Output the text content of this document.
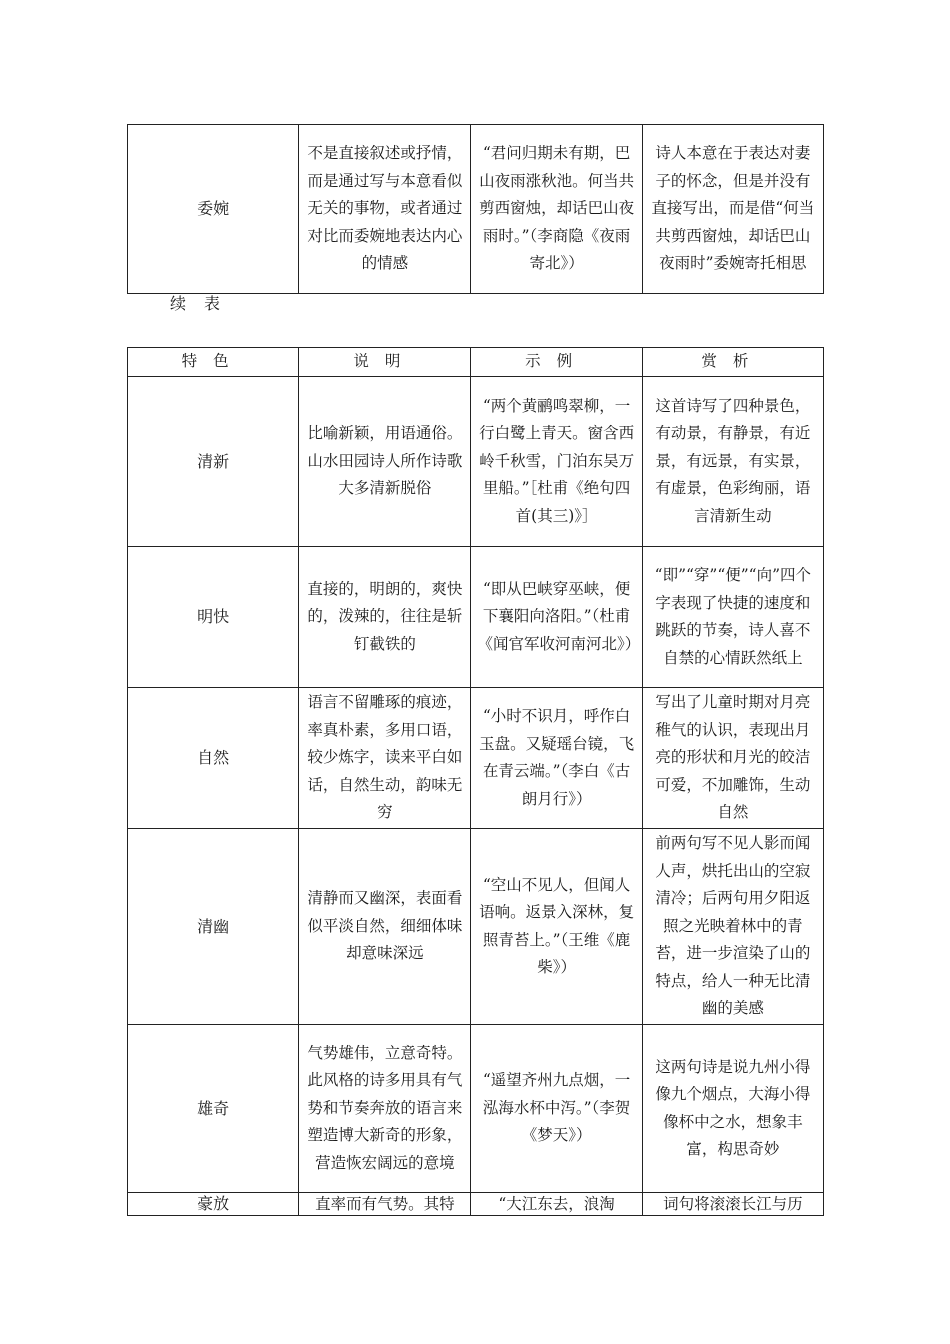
委婉	不是直接叙述或抒情，而是通过写与本意看似无关的事物，或者通过对比而委婉地表达内心的情感	“君问归期未有期，巴山夜雨涨秋池。何当共剪西窗烛，却话巴山夜雨时。”（李商隐《夜雨寄北》）	诗人本意在于表达对妻子的怀念，但是并没有直接写出，而是借“何当共剪西窗烛，却话巴山夜雨时”委婉寄托相思
续表
特色	说明	示例	赏析
清新	比喻新颖，用语通俗。山水田园诗人所作诗歌大多清新脱俗	“两个黄鹂鸣翠柳，一行白鹭上青天。窗含西岭千秋雪，门泊东吴万里船。”［杜甫《绝句四首(其三)》］	这首诗写了四种景色，有动景，有静景，有近景，有远景，有实景，有虚景，色彩绚丽，语言清新生动
明快	直接的，明朗的，爽快的，泼辣的，往往是斩钉截铁的	“即从巴峡穿巫峡，便下襄阳向洛阳。”（杜甫《闻官军收河南河北》）	“即”“穿”“便”“向”四个字表现了快捷的速度和跳跃的节奏，诗人喜不自禁的心情跃然纸上
自然	语言不留雕琢的痕迹，率真朴素，多用口语，较少炼字，读来平白如话，自然生动，韵味无穷	“小时不识月，呼作白玉盘。又疑瑶台镜，飞在青云端。”（李白《古朗月行》）	写出了儿童时期对月亮稚气的认识，表现出月亮的形状和月光的皎洁可爱，不加雕饰，生动自然
清幽	清静而又幽深，表面看似平淡自然，细细体味却意味深远	“空山不见人，但闻人语响。返景入深林，复照青苔上。”（王维《鹿柴》）	前两句写不见人影而闻人声，烘托出山的空寂清冷；后两句用夕阳返照之光映着林中的青苔，进一步渲染了山的特点，给人一种无比清幽的美感
雄奇	气势雄伟，立意奇特。此风格的诗多用具有气势和节奏奔放的语言来塑造博大新奇的形象，营造恢宏阔远的意境	“遥望齐州九点烟，一泓海水杯中泻。”（李贺《梦天》）	这两句诗是说九州小得像九个烟点，大海小得像杯中之水，想象丰富，构思奇妙
豪放	直率而有气势。其特	“大江东去，浪淘	词句将滚滚长江与历
